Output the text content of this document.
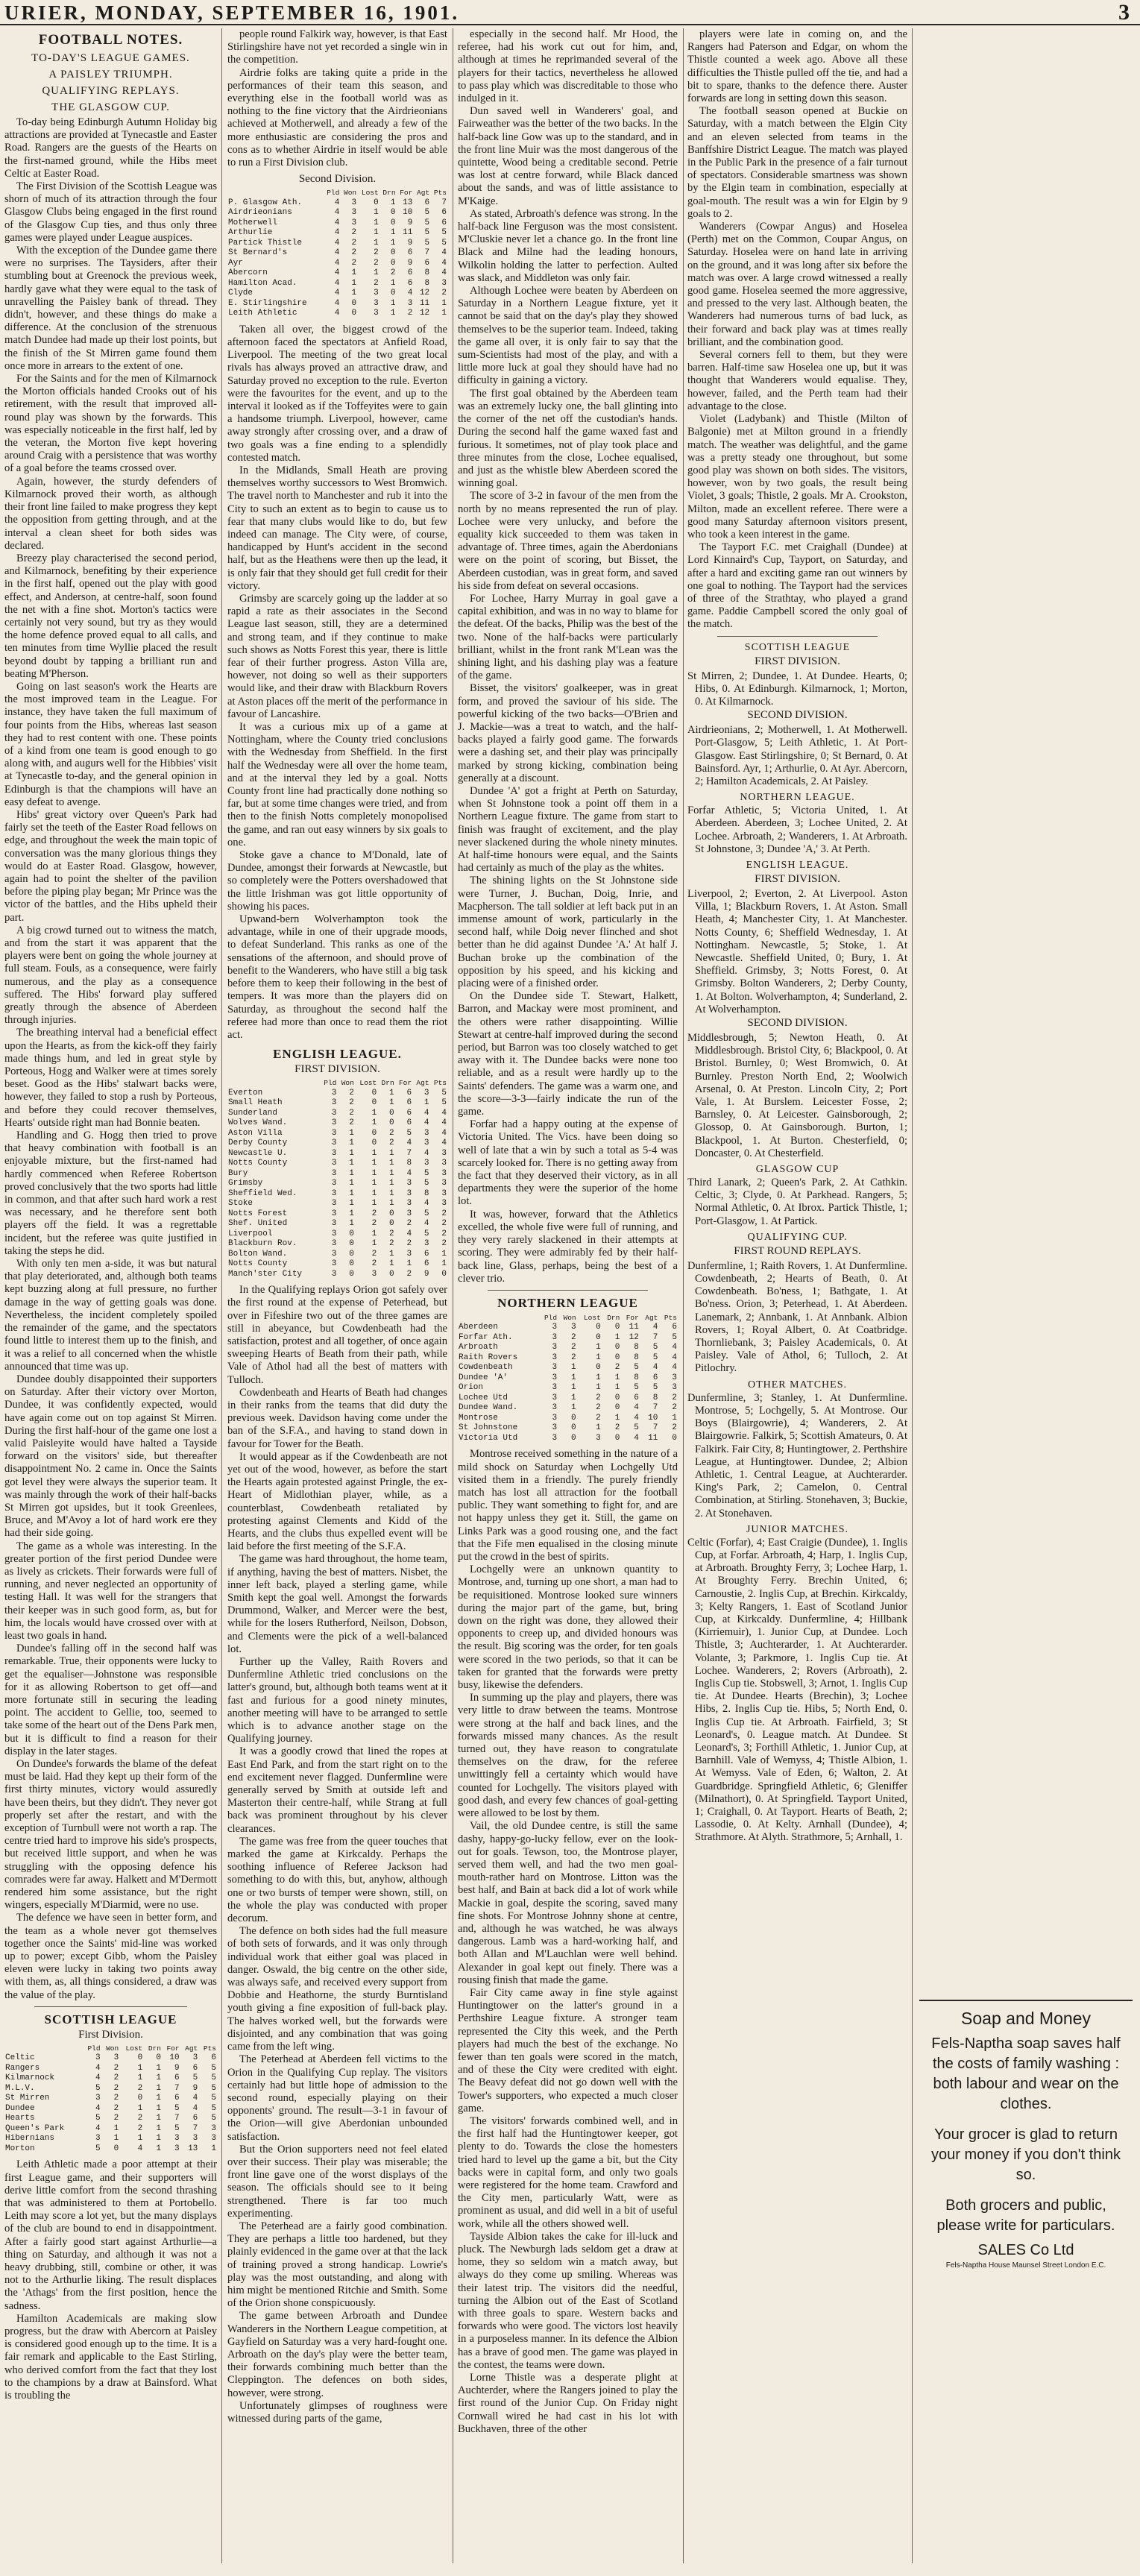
URIER, MONDAY, SEPTEMBER 16, 1901.	3
FOOTBALL NOTES.
TO-DAY'S LEAGUE GAMES.
A PAISLEY TRIUMPH.
QUALIFYING REPLAYS.
THE GLASGOW CUP.

To-day being Edinburgh Autumn Holiday big attractions are provided at Tynecastle and Easter Road. Rangers are the guests of the Hearts on the first-named ground, while the Hibs meet Celtic at Easter Road.

The First Division of the Scottish League was shorn of much of its attraction through the four Glasgow Clubs being engaged in the first round of the Glasgow Cup ties, and thus only three games were played under League auspices.

With the exception of the Dundee game there were no surprises. The Taysiders, after their stumbling bout at Greenock the previous week, hardly gave what they were equal to the task of unravelling the Paisley bank of thread. They didn't, however, and these things do make a difference. At the conclusion of the strenuous match Dundee had made up their lost points, but the finish of the St Mirren game found them once more in arrears to the extent of one.

For the Saints and for the men of Kilmarnock the Morton officials handed Crooks out of his retirement, with the result that improved all-round play was shown by the forwards. This was especially noticeable in the first half, led by the veteran, the Morton five kept hovering around Craig with a persistence that was worthy of a goal before the teams crossed over.

Again, however, the sturdy defenders of Kilmarnock proved their worth, as although their front line failed to make progress they kept the opposition from getting through, and at the interval a clean sheet for both sides was declared.

Breezy play characterised the second period, and Kilmarnock, benefiting by their experience in the first half, opened out the play with good effect, and Anderson, at centre-half, soon found the net with a fine shot. Morton's tactics were certainly not very sound, but try as they would the home defence proved equal to all calls, and ten minutes from time Wyllie placed the result beyond doubt by tapping a brilliant run and beating M'Pherson.

Going on last season's work the Hearts are the most improved team in the League. For instance, they have taken the full maximum of four points from the Hibs, whereas last season they had to rest content with one. These points of a kind from one team is good enough to go along with, and augurs well for the Hibbies' visit at Tynecastle to-day, and the general opinion in Edinburgh is that the champions will have an easy defeat to avenge.

Hibs' great victory over Queen's Park had fairly set the teeth of the Easter Road fellows on edge, and throughout the week the main topic of conversation was the many glorious things they would do at Easter Road. Glasgow, however, again had to point the shelter of the pavilion before the piping play began; Mr Prince was the victor of the battles, and the Hibs upheld their part.

A big crowd turned out to witness the match, and from the start it was apparent that the players were bent on going the whole journey at full steam. Fouls, as a consequence, were fairly numerous, and the play as a consequence suffered. The Hibs' forward play suffered greatly through the absence of Aberdeen through injuries.

The breathing interval had a beneficial effect upon the Hearts, as from the kick-off they fairly made things hum, and led in great style by Porteous, Hogg and Walker were at times sorely beset. Good as the Hibs' stalwart backs were, however, they failed to stop a rush by Porteous, and before they could recover themselves, Hearts' outside right man had Bonnie beaten.

Handling and G. Hogg then tried to prove that heavy combination with football is an enjoyable mixture, but the first-named had hardly commenced when Referee Robertson proved conclusively that the two sports had little in common, and that after such hard work a rest was necessary, and he therefore sent both players off the field. It was a regrettable incident, but the referee was quite justified in taking the steps he did.

With only ten men a-side, it was but natural that play deteriorated, and, although both teams kept buzzing along at full pressure, no further damage in the way of getting goals was done. Nevertheless, the incident completely spoiled the remainder of the game, and the spectators found little to interest them up to the finish, and it was a relief to all concerned when the whistle announced that time was up.

Dundee doubly disappointed their supporters on Saturday. After their victory over Morton, Dundee, it was confidently expected, would have again come out on top against St Mirren. During the first half-hour of the game one lost a valid Paisleyite would have halted a Tayside forward on the visitors' side, but thereafter disappointment No. 2 came in. Once the Saints got level they were always the superior team. It was mainly through the work of their half-backs St Mirren got upsides, but it took Greenlees, Bruce, and M'Avoy a lot of hard work ere they had their side going.

The game as a whole was interesting. In the greater portion of the first period Dundee were as lively as crickets. Their forwards were full of running, and never neglected an opportunity of testing Hall. It was well for the strangers that their keeper was in such good form, as, but for him, the locals would have crossed over with at least two goals in hand.

Dundee's falling off in the second half was remarkable. True, their opponents were lucky to get the equaliser—Johnstone was responsible for it as allowing Robertson to get off—and more fortunate still in securing the leading point. The accident to Gellie, too, seemed to take some of the heart out of the Dens Park men, but it is difficult to find a reason for their display in the later stages.

On Dundee's forwards the blame of the defeat must be laid. Had they kept up their form of the first thirty minutes, victory would assuredly have been theirs, but they didn't. They never got properly set after the restart, and with the exception of Turnbull were not worth a rap. The centre tried hard to improve his side's prospects, but received little support, and when he was struggling with the opposing defence his comrades were far away. Halkett and M'Dermott rendered him some assistance, but the right wingers, especially M'Diarmid, were no use.

The defence we have seen in better form, and the team as a whole never got themselves together once the Saints' mid-line was worked up to power; except Gibb, whom the Paisley eleven were lucky in taking two points away with them, as, all things considered, a draw was the value of the play.

SCOTTISH LEAGUE
First Division.
	Pld	Won	Lost	Drn	For	Agt	Pts
Celtic	3	3	0	0	10	3	6
Rangers	4	2	1	1	9	6	5
Kilmarnock	4	2	1	1	6	5	5
M.L.V.	5	2	2	1	7	9	5
St Mirren	3	2	0	1	6	4	5
Dundee	4	2	1	1	5	4	5
Hearts	5	2	2	1	7	6	5
Queen's Park	4	1	2	1	5	7	3
Hibernians	3	1	1	1	3	3	3
Morton	5	0	4	1	3	13	1

Leith Athletic made a poor attempt at their first League game, and their supporters will derive little comfort from the second thrashing that was administered to them at Portobello. Leith may score a lot yet, but the many displays of the club are bound to end in disappointment. After a fairly good start against Arthurlie—a thing on Saturday, and although it was not a heavy drubbing, still, combine or other, it was not to the Arthurlie liking. The result displaces the 'Athags' from the first position, hence the sadness.

Hamilton Academicals are making slow progress, but the draw with Abercorn at Paisley is considered good enough up to the time. It is a fair remark and applicable to the East Stirling, who derived comfort from the fact that they lost to the champions by a draw at Bainsford. What is troubling the

people round Falkirk way, however, is that East Stirlingshire have not yet recorded a single win in the competition.

Airdrie folks are taking quite a pride in the performances of their team this season, and everything else in the football world was as nothing to the fine victory that the Airdrieonians achieved at Motherwell, and already a few of the more enthusiastic are considering the pros and cons as to whether Airdrie in itself would be able to run a First Division club.

Second Division.
	Pld	Won	Lost	Drn	For	Agt	Pts
P. Glasgow Ath.	4	3	0	1	13	6	7
Airdrieonians	4	3	1	0	10	5	6
Motherwell	4	3	1	0	9	5	6
Arthurlie	4	2	1	1	11	5	5
Partick Thistle	4	2	1	1	9	5	5
St Bernard's	4	2	2	0	6	7	4
Ayr	4	2	2	0	9	6	4
Abercorn	4	1	1	2	6	8	4
Hamilton Acad.	4	1	2	1	6	8	3
Clyde	4	1	3	0	4	12	2
E. Stirlingshire	4	0	3	1	3	11	1
Leith Athletic	4	0	3	1	2	12	1

Taken all over, the biggest crowd of the afternoon faced the spectators at Anfield Road, Liverpool. The meeting of the two great local rivals has always proved an attractive draw, and Saturday proved no exception to the rule. Everton were the favourites for the event, and up to the interval it looked as if the Toffeyites were to gain a handsome triumph. Liverpool, however, came away strongly after crossing over, and a draw of two goals was a fine ending to a splendidly contested match.

In the Midlands, Small Heath are proving themselves worthy successors to West Bromwich. The travel north to Manchester and rub it into the City to such an extent as to begin to cause us to fear that many clubs would like to do, but few indeed can manage. The City were, of course, handicapped by Hunt's accident in the second half, but as the Heathens were then up the lead, it is only fair that they should get full credit for their victory.

Grimsby are scarcely going up the ladder at so rapid a rate as their associates in the Second League last season, still, they are a determined and strong team, and if they continue to make such shows as Notts Forest this year, there is little fear of their further progress. Aston Villa are, however, not doing so well as their supporters would like, and their draw with Blackburn Rovers at Aston places off the merit of the performance in favour of Lancashire.

It was a curious mix up of a game at Nottingham, where the County tried conclusions with the Wednesday from Sheffield. In the first half the Wednesday were all over the home team, and at the interval they led by a goal. Notts County front line had practically done nothing so far, but at some time changes were tried, and from then to the finish Notts completely monopolised the game, and ran out easy winners by six goals to one.

Stoke gave a chance to M'Donald, late of Dundee, amongst their forwards at Newcastle, but so completely were the Potters overshadowed that the little Irishman was got little opportunity of showing his paces.

Upwand-bern Wolverhampton took the advantage, while in one of their upgrade moods, to defeat Sunderland. This ranks as one of the sensations of the afternoon, and should prove of benefit to the Wanderers, who have still a big task before them to keep their following in the best of tempers. It was more than the players did on Saturday, as throughout the second half the referee had more than once to read them the riot act.

ENGLISH LEAGUE.
FIRST DIVISION.
	Pld	Won	Lost	Drn	For	Agt	Pts
Everton	3	2	0	1	6	3	5
Small Heath	3	2	0	1	6	1	5
Sunderland	3	2	1	0	6	4	4
Wolves Wand.	3	2	1	0	6	4	4
Aston Villa	3	1	0	2	5	3	4
Derby County	3	1	0	2	4	3	4
Newcastle U.	3	1	1	1	7	4	3
Notts County	3	1	1	1	8	3	3
Bury	3	1	1	1	4	5	3
Grimsby	3	1	1	1	3	5	3
Sheffield Wed.	3	1	1	1	3	8	3
Stoke	3	1	1	1	3	4	3
Notts Forest	3	1	2	0	3	5	2
Shef. United	3	1	2	0	2	4	2
Liverpool	3	0	1	2	4	5	2
Blackburn Rov.	3	0	1	2	2	3	2
Bolton Wand.	3	0	2	1	3	6	1
Notts County	3	0	2	1	1	6	1
Manch'ster City	3	0	3	0	2	9	0

In the Qualifying replays Orion got safely over the first round at the expense of Peterhead, but over in Fifeshire two out of the three games are still in abeyance, but Cowdenbeath had the satisfaction, protest and all together, of once again sweeping Hearts of Beath from their path, while Vale of Athol had all the best of matters with Tulloch.

Cowdenbeath and Hearts of Beath had changes in their ranks from the teams that did duty the previous week. Davidson having come under the ban of the S.F.A., and having to stand down in favour for Tower for the Beath.

It would appear as if the Cowdenbeath are not yet out of the wood, however, as before the start the Hearts again protested against Pringle, the ex-Heart of Midlothian player, while, as a counterblast, Cowdenbeath retaliated by protesting against Clements and Kidd of the Hearts, and the clubs thus expelled event will be laid before the first meeting of the S.F.A.

The game was hard throughout, the home team, if anything, having the best of matters. Nisbet, the inner left back, played a sterling game, while Smith kept the goal well. Amongst the forwards Drummond, Walker, and Mercer were the best, while for the losers Rutherford, Neilson, Dobson, and Clements were the pick of a well-balanced lot.

Further up the Valley, Raith Rovers and Dunfermline Athletic tried conclusions on the latter's ground, but, although both teams went at it fast and furious for a good ninety minutes, another meeting will have to be arranged to settle which is to advance another stage on the Qualifying journey.

It was a goodly crowd that lined the ropes at East End Park, and from the start right on to the end excitement never flagged. Dunfermline were generally served by Smith at outside left and Masterton their centre-half, while Strang at full back was prominent throughout by his clever clearances.

The game was free from the queer touches that marked the game at Kirkcaldy. Perhaps the soothing influence of Referee Jackson had something to do with this, but, anyhow, although one or two bursts of temper were shown, still, on the whole the play was conducted with proper decorum.

The defence on both sides had the full measure of both sets of forwards, and it was only through individual work that either goal was placed in danger. Oswald, the big centre on the other side, was always safe, and received every support from Dobbie and Heathorne, the sturdy Burntisland youth giving a fine exposition of full-back play. The halves worked well, but the forwards were disjointed, and any combination that was going came from the left wing.

The Peterhead at Aberdeen fell victims to the Orion in the Qualifying Cup replay. The visitors certainly had but little hope of admission to the second round, especially playing on their opponents' ground. The result—3-1 in favour of the Orion—will give Aberdonian unbounded satisfaction.

But the Orion supporters need not feel elated over their success. Their play was miserable; the front line gave one of the worst displays of the season. The officials should see to it being strengthened. There is far too much experimenting.

The Peterhead are a fairly good combination. They are perhaps a little too hardened, but they plainly evidenced in the game over at that the lack of training proved a strong handicap. Lowrie's play was the most outstanding, and along with him might be mentioned Ritchie and Smith. Some of the Orion shone conspicuously.

The game between Arbroath and Dundee Wanderers in the Northern League competition, at Gayfield on Saturday was a very hard-fought one. Arbroath on the day's play were the better team, their forwards combining much better than the Cleppington. The defences on both sides, however, were strong.

Unfortunately glimpses of roughness were witnessed during parts of the game,

especially in the second half. Mr Hood, the referee, had his work cut out for him, and, although at times he reprimanded several of the players for their tactics, nevertheless he allowed to pass play which was discreditable to those who indulged in it.

Dun saved well in Wanderers' goal, and Fairweather was the better of the two backs. In the half-back line Gow was up to the standard, and in the front line Muir was the most dangerous of the quintette, Wood being a creditable second. Petrie was lost at centre forward, while Black danced about the sands, and was of little assistance to M'Kaige.

As stated, Arbroath's defence was strong. In the half-back line Ferguson was the most consistent. M'Cluskie never let a chance go. In the front line Black and Milne had the leading honours, Wilkolin holding the latter to perfection. Aulted was slack, and Middleton was only fair.

Although Lochee were beaten by Aberdeen on Saturday in a Northern League fixture, yet it cannot be said that on the day's play they showed themselves to be the superior team. Indeed, taking the game all over, it is only fair to say that the sum-Scientists had most of the play, and with a little more luck at goal they should have had no difficulty in gaining a victory.

The first goal obtained by the Aberdeen team was an extremely lucky one, the ball glinting into the corner of the net off the custodian's hands. During the second half the game waxed fast and furious. It sometimes, not of play took place and three minutes from the close, Lochee equalised, and just as the whistle blew Aberdeen scored the winning goal.

The score of 3-2 in favour of the men from the north by no means represented the run of play. Lochee were very unlucky, and before the equality kick succeeded to them was taken in advantage of. Three times, again the Aberdonians were on the point of scoring, but Bisset, the Aberdeen custodian, was in great form, and saved his side from defeat on several occasions.

For Lochee, Harry Murray in goal gave a capital exhibition, and was in no way to blame for the defeat. Of the backs, Philip was the best of the two. None of the half-backs were particularly brilliant, whilst in the front rank M'Lean was the shining light, and his dashing play was a feature of the game.

Bisset, the visitors' goalkeeper, was in great form, and proved the saviour of his side. The powerful kicking of the two backs—O'Brien and J. Mackie—was a treat to watch, and the half-backs played a fairly good game. The forwards were a dashing set, and their play was principally marked by strong kicking, combination being generally at a discount.

Dundee 'A' got a fright at Perth on Saturday, when St Johnstone took a point off them in a Northern League fixture. The game from start to finish was fraught of excitement, and the play never slackened during the whole ninety minutes. At half-time honours were equal, and the Saints had certainly as much of the play as the whites.

The shining lights on the St Johnstone side were Turner, J. Buchan, Doig, Inrie, and Macpherson. The tall soldier at left back put in an immense amount of work, particularly in the second half, while Doig never flinched and shot better than he did against Dundee 'A.' At half J. Buchan broke up the combination of the opposition by his speed, and his kicking and placing were of a finished order.

On the Dundee side T. Stewart, Halkett, Barron, and Mackay were most prominent, and the others were rather disappointing. Willie Stewart at centre-half improved during the second period, but Barron was too closely watched to get away with it. The Dundee backs were none too reliable, and as a result were hardly up to the Saints' defenders. The game was a warm one, and the score—3-3—fairly indicate the run of the game.

Forfar had a happy outing at the expense of Victoria United. The Vics. have been doing so well of late that a win by such a total as 5-4 was scarcely looked for. There is no getting away from the fact that they deserved their victory, as in all departments they were the superior of the home lot.

It was, however, forward that the Athletics excelled, the whole five were full of running, and they very rarely slackened in their attempts at scoring. They were admirably fed by their half-back line, Glass, perhaps, being the best of a clever trio.

NORTHERN LEAGUE
	Pld	Won	Lost	Drn	For	Agt	Pts
Aberdeen	3	3	0	0	11	4	6
Forfar Ath.	3	2	0	1	12	7	5
Arbroath	3	2	1	0	8	5	4
Raith Rovers	3	2	1	0	8	5	4
Cowdenbeath	3	1	0	2	5	4	4
Dundee 'A'	3	1	1	1	8	6	3
Orion	3	1	1	1	5	5	3
Lochee Utd	3	1	2	0	6	8	2
Dundee Wand.	3	1	2	0	4	7	2
Montrose	3	0	2	1	4	10	1
St Johnstone	3	0	1	2	5	7	2
Victoria Utd	3	0	3	0	4	11	0

Montrose received something in the nature of a mild shock on Saturday when Lochgelly Utd visited them in a friendly. The purely friendly match has lost all attraction for the football public. They want something to fight for, and are not happy unless they get it. Still, the game on Links Park was a good rousing one, and the fact that the Fife men equalised in the closing minute put the crowd in the best of spirits.

Lochgelly were an unknown quantity to Montrose, and, turning up one short, a man had to be requisitioned. Montrose looked sure winners during the major part of the game, but, bring down on the right was done, they allowed their opponents to creep up, and divided honours was the result. Big scoring was the order, for ten goals were scored in the two periods, so that it can be taken for granted that the forwards were pretty busy, likewise the defenders.

In summing up the play and players, there was very little to draw between the teams. Montrose were strong at the half and back lines, and the forwards missed many chances. As the result turned out, they have reason to congratulate themselves on the draw, for the referee unwittingly fell a certainty which would have counted for Lochgelly. The visitors played with good dash, and every few chances of goal-getting were allowed to be lost by them.

Vail, the old Dundee centre, is still the same dashy, happy-go-lucky fellow, ever on the look-out for goals. Tewson, too, the Montrose player, served them well, and had the two men goal-mouth-rather hard on Montrose. Litton was the best half, and Bain at back did a lot of work while Mackie in goal, despite the scoring, saved many fine shots. For Montrose Johnny shone at centre, and, although he was watched, he was always dangerous. Lamb was a hard-working half, and both Allan and M'Lauchlan were well behind. Alexander in goal kept out finely. There was a rousing finish that made the game.

Fair City came away in fine style against Huntingtower on the latter's ground in a Perthshire League fixture. A stronger team represented the City this week, and the Perth players had much the best of the exchange. No fewer than ten goals were scored in the match, and of these the City were credited with eight. The Beavy defeat did not go down well with the Tower's supporters, who expected a much closer game.

The visitors' forwards combined well, and in the first half had the Huntingtower keeper, got plenty to do. Towards the close the homesters tried hard to level up the game a bit, but the City backs were in capital form, and only two goals were registered for the home team. Crawford and the City men, particularly Watt, were as prominent as usual, and did well in a bit of useful work, while all the others showed well.

Tayside Albion takes the cake for ill-luck and pluck. The Newburgh lads seldom get a draw at home, they so seldom win a match away, but always do they come up smiling. Whereas was their latest trip. The visitors did the needful, turning the Albion out of the East of Scotland with three goals to spare. Western backs and forwards who were good. The victors lost heavily in a purposeless manner. In its defence the Albion has a brave of good men. The game was played in the contest, the teams were down.

Lorne Thistle was a desperate plight at Auchterder, where the Rangers joined to play the first round of the Junior Cup. On Friday night Cornwall wired he had cast in his lot with Buckhaven, three of the other

players were late in coming on, and the Rangers had Paterson and Edgar, on whom the Thistle counted a week ago. Above all these difficulties the Thistle pulled off the tie, and had a bit to spare, thanks to the defence there. Auster forwards are long in setting down this season.

The football season opened at Buckie on Saturday, with a match between the Elgin City and an eleven selected from teams in the Banffshire District League. The match was played in the Public Park in the presence of a fair turnout of spectators. Considerable smartness was shown by the Elgin team in combination, especially at goal-mouth. The result was a win for Elgin by 9 goals to 2.

Wanderers (Cowpar Angus) and Hoselea (Perth) met on the Common, Coupar Angus, on Saturday. Hoselea were on hand late in arriving on the ground, and it was long after six before the match was over. A large crowd witnessed a really good game. Hoselea seemed the more aggressive, and pressed to the very last. Although beaten, the Wanderers had numerous turns of bad luck, as their forward and back play was at times really brilliant, and the combination good.

Several corners fell to them, but they were barren. Half-time saw Hoselea one up, but it was thought that Wanderers would equalise. They, however, failed, and the Perth team had their advantage to the close.

Violet (Ladybank) and Thistle (Milton of Balgonie) met at Milton ground in a friendly match. The weather was delightful, and the game was a pretty steady one throughout, but some good play was shown on both sides. The visitors, however, won by two goals, the result being Violet, 3 goals; Thistle, 2 goals. Mr A. Crookston, Milton, made an excellent referee. There were a good many Saturday afternoon visitors present, who took a keen interest in the game.

The Tayport F.C. met Craighall (Dundee) at Lord Kinnaird's Cup, Tayport, on Saturday, and after a hard and exciting game ran out winners by one goal to nothing. The Tayport had the services of three of the Strathtay, who played a grand game. Paddie Campbell scored the only goal of the match.

SCOTTISH LEAGUE
FIRST DIVISION.

St Mirren, 2; Dundee, 1. At Dundee. Hearts, 0; Hibs, 0. At Edinburgh. Kilmarnock, 1; Morton, 0. At Kilmarnock.

SECOND DIVISION.

Airdrieonians, 2; Motherwell, 1. At Motherwell. Port-Glasgow, 5; Leith Athletic, 1. At Port-Glasgow. East Stirlingshire, 0; St Bernard, 0. At Bainsford. Ayr, 1; Arthurlie, 0. At Ayr. Abercorn, 2; Hamilton Academicals, 2. At Paisley.

NORTHERN LEAGUE.

Forfar Athletic, 5; Victoria United, 1. At Aberdeen. Aberdeen, 3; Lochee United, 2. At Lochee. Arbroath, 2; Wanderers, 1. At Arbroath. St Johnstone, 3; Dundee 'A,' 3. At Perth.

ENGLISH LEAGUE.
FIRST DIVISION.

Liverpool, 2; Everton, 2. At Liverpool. Aston Villa, 1; Blackburn Rovers, 1. At Aston. Small Heath, 4; Manchester City, 1. At Manchester. Notts County, 6; Sheffield Wednesday, 1. At Nottingham. Newcastle, 5; Stoke, 1. At Newcastle. Sheffield United, 0; Bury, 1. At Sheffield. Grimsby, 3; Notts Forest, 0. At Grimsby. Bolton Wanderers, 2; Derby County, 1. At Bolton. Wolverhampton, 4; Sunderland, 2. At Wolverhampton.

SECOND DIVISION.

Middlesbrough, 5; Newton Heath, 0. At Middlesbrough. Bristol City, 6; Blackpool, 0. At Bristol. Burnley, 0; West Bromwich, 0. At Burnley. Preston North End, 2; Woolwich Arsenal, 0. At Preston. Lincoln City, 2; Port Vale, 1. At Burslem. Leicester Fosse, 2; Barnsley, 0. At Leicester. Gainsborough, 2; Glossop, 0. At Gainsborough. Burton, 1; Blackpool, 1. At Burton. Chesterfield, 0; Doncaster, 0. At Chesterfield.

GLASGOW CUP

Third Lanark, 2; Queen's Park, 2. At Cathkin. Celtic, 3; Clyde, 0. At Parkhead. Rangers, 5; Normal Athletic, 0. At Ibrox. Partick Thistle, 1; Port-Glasgow, 1. At Partick.

QUALIFYING CUP.
FIRST ROUND REPLAYS.

Dunfermline, 1; Raith Rovers, 1. At Dunfermline. Cowdenbeath, 2; Hearts of Beath, 0. At Cowdenbeath. Bo'ness, 1; Bathgate, 1. At Bo'ness. Orion, 3; Peterhead, 1. At Aberdeen. Lanemark, 2; Annbank, 1. At Annbank. Albion Rovers, 1; Royal Albert, 0. At Coatbridge. Thornliebank, 3; Paisley Academicals, 0. At Paisley. Vale of Athol, 6; Tulloch, 2. At Pitlochry.

OTHER MATCHES.

Dunfermline, 3; Stanley, 1. At Dunfermline. Montrose, 5; Lochgelly, 5. At Montrose. Our Boys (Blairgowrie), 4; Wanderers, 2. At Blairgowrie. Falkirk, 5; Scottish Amateurs, 0. At Falkirk. Fair City, 8; Huntingtower, 2. Perthshire League, at Huntingtower. Dundee, 2; Albion Athletic, 1. Central League, at Auchterarder. King's Park, 2; Camelon, 0. Central Combination, at Stirling. Stonehaven, 3; Buckie, 2. At Stonehaven.

JUNIOR MATCHES.

Celtic (Forfar), 4; East Craigie (Dundee), 1. Inglis Cup, at Forfar. Arbroath, 4; Harp, 1. Inglis Cup, at Arbroath. Broughty Ferry, 3; Lochee Harp, 1. At Broughty Ferry. Brechin United, 6; Carnoustie, 2. Inglis Cup, at Brechin. Kirkcaldy, 3; Kelty Rangers, 1. East of Scotland Junior Cup, at Kirkcaldy. Dunfermline, 4; Hillbank (Kirriemuir), 1. Junior Cup, at Dundee. Loch Thistle, 3; Auchterarder, 1. At Auchterarder. Volante, 3; Parkmore, 1. Inglis Cup tie. At Lochee. Wanderers, 2; Rovers (Arbroath), 2. Inglis Cup tie. Stobswell, 3; Arnot, 1. Inglis Cup tie. At Dundee. Hearts (Brechin), 3; Lochee Hibs, 2. Inglis Cup tie. Hibs, 5; North End, 0. Inglis Cup tie. At Arbroath. Fairfield, 3; St Leonard's, 0. League match. At Dundee. St Leonard's, 3; Forthill Athletic, 1. Junior Cup, at Barnhill. Vale of Wemyss, 4; Thistle Albion, 1. At Wemyss. Vale of Eden, 6; Walton, 2. At Guardbridge. Springfield Athletic, 6; Gleniffer (Milnathort), 0. At Springfield. Tayport United, 1; Craighall, 0. At Tayport. Hearts of Beath, 2; Lassodie, 0. At Kelty. Arnhall (Dundee), 4; Strathmore. At Alyth. Strathmore, 5; Arnhall, 1.

Soap and Money
Fels-Naptha soap saves half
the costs of family washing :
both labour and wear on the
clothes.
Your grocer is glad to return
your money if you don't think
so.
Both grocers and public,
please write for particulars.
SALES Co Ltd
Fels-Naptha House Maunsel Street London E.C.
